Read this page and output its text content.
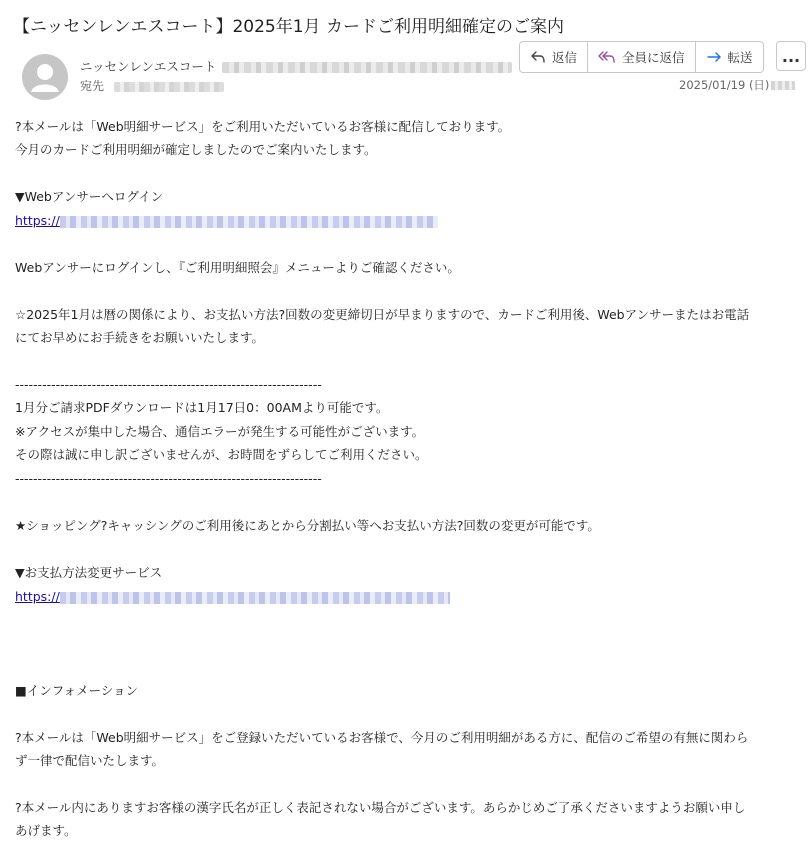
【ニッセンレンエスコート】2025年1月 カードご利用明細確定のご案内
ニッセンレンエスコート
宛先
返信	全員に返信	転送 ...
2025/01/19 (日)
?本メールは「Web明細サービス」をご利用いただいているお客様に配信しております。
今月のカードご利用明細が確定しましたのでご案内いたします。
▼Webアンサーへログイン
https://
Webアンサーにログインし、『ご利用明細照会』メニューよりご確認ください。
☆2025年1月は暦の関係により、お支払い方法?回数の変更締切日が早まりますので、カードご利用後、Webアンサーまたはお電話
にてお早めにお手続きをお願いいたします。
--------------------------------------------------------------------
1月分ご請求PDFダウンロードは1月17日0：00AMより可能です。
※アクセスが集中した場合、通信エラーが発生する可能性がございます。
その際は誠に申し訳ございませんが、お時間をずらしてご利用ください。
--------------------------------------------------------------------
★ショッピング?キャッシングのご利用後にあとから分割払い等へお支払い方法?回数の変更が可能です。
▼お支払方法変更サービス
https://
■インフォメーション
?本メールは「Web明細サービス」をご登録いただいているお客様で、今月のご利用明細がある方に、配信のご希望の有無に関わら
ず一律で配信いたします。
?本メール内にありますお客様の漢字氏名が正しく表記されない場合がございます。あらかじめご了承くださいますようお願い申し
あげます。
